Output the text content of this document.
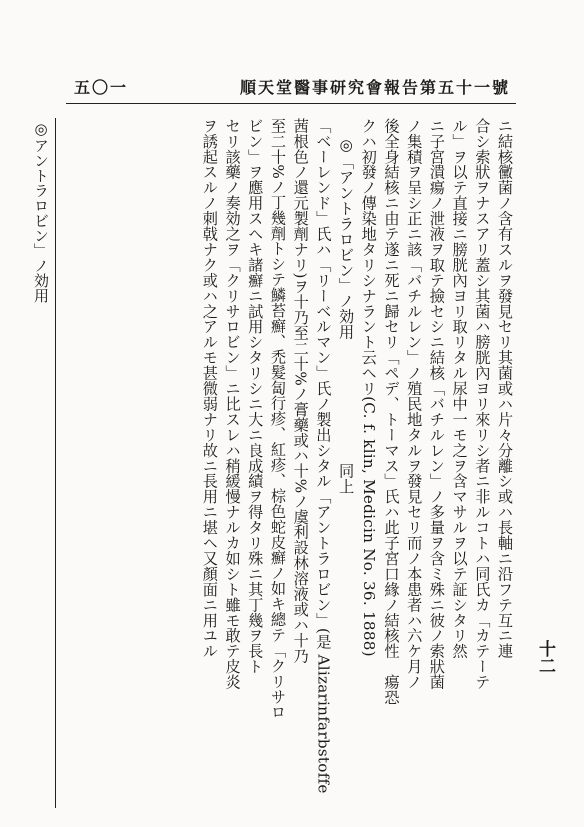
順天堂醫事研究會報告第五十一號
五〇一
ニ結核黴菌ノ含有スルヲ發見セリ其菌或ハ片々分離シ或ハ長軸ニ沿フテ互ニ連
合シ索狀ヲナスアリ蓋シ其菌ハ膀胱內ヨリ來リシ者ニ非ルコトハ同氏カ「カテーテ
ル」ヲ以テ直接ニ膀胱內ヨリ取リタル尿中一モ之ヲ含マサルヲ以テ証シタリ然
ニ子宮潰瘍ノ泄液ヲ取テ撿セシニ結核「バチルレン」ノ多量ヲ含ミ殊ニ彼ノ索狀菌
ノ集積ヲ呈シ正ニ該「バチルレン」ノ殖民地タルヲ發見セリ而ノ本患者ハ六ケ月ノ
後全身結核ニ由テ遂ニ死ニ歸セリ「ペデ、トーマス」氏ハ此子宮口緣ノ結核性　瘍恐
クハ初發ノ傳染地タリシナラント云ヘリ(C. f. klin, Medicin No. 36. 1888)
◎「アントラロビン」ノ効用　　　　　　　　同上
「ベーレンド」氏ハ「リーベルマン」氏ノ製出シタル「アントラロビン」(是 Alizarinfarbstoffe
茜根色ノ還元製劑ナリ)ヲ十乃至二十%ノ膏藥或ハ十%ノ虞利設林溶液或ハ十乃
至二十%ノ丁幾劑トシテ鱗苔癬、禿髮匐行疹、紅疹、棕色蛇皮癬ノ如キ總テ「クリサロ
ビン」ヲ應用スヘキ諸癬ニ試用シタリシニ大ニ良成績ヲ得タリ殊ニ其丁幾ヲ長ト
セリ該藥ノ奏効之ヲ「クリサロビン」ニ比スレハ稍緩慢ナルカ如シト雖モ敢テ皮炎
ヲ誘起スルノ刺戟ナク或ハ之アルモ甚微弱ナリ故ニ長用ニ堪ヘ又顏面ニ用ユル
◎アントラロビン」ノ効用
十二
